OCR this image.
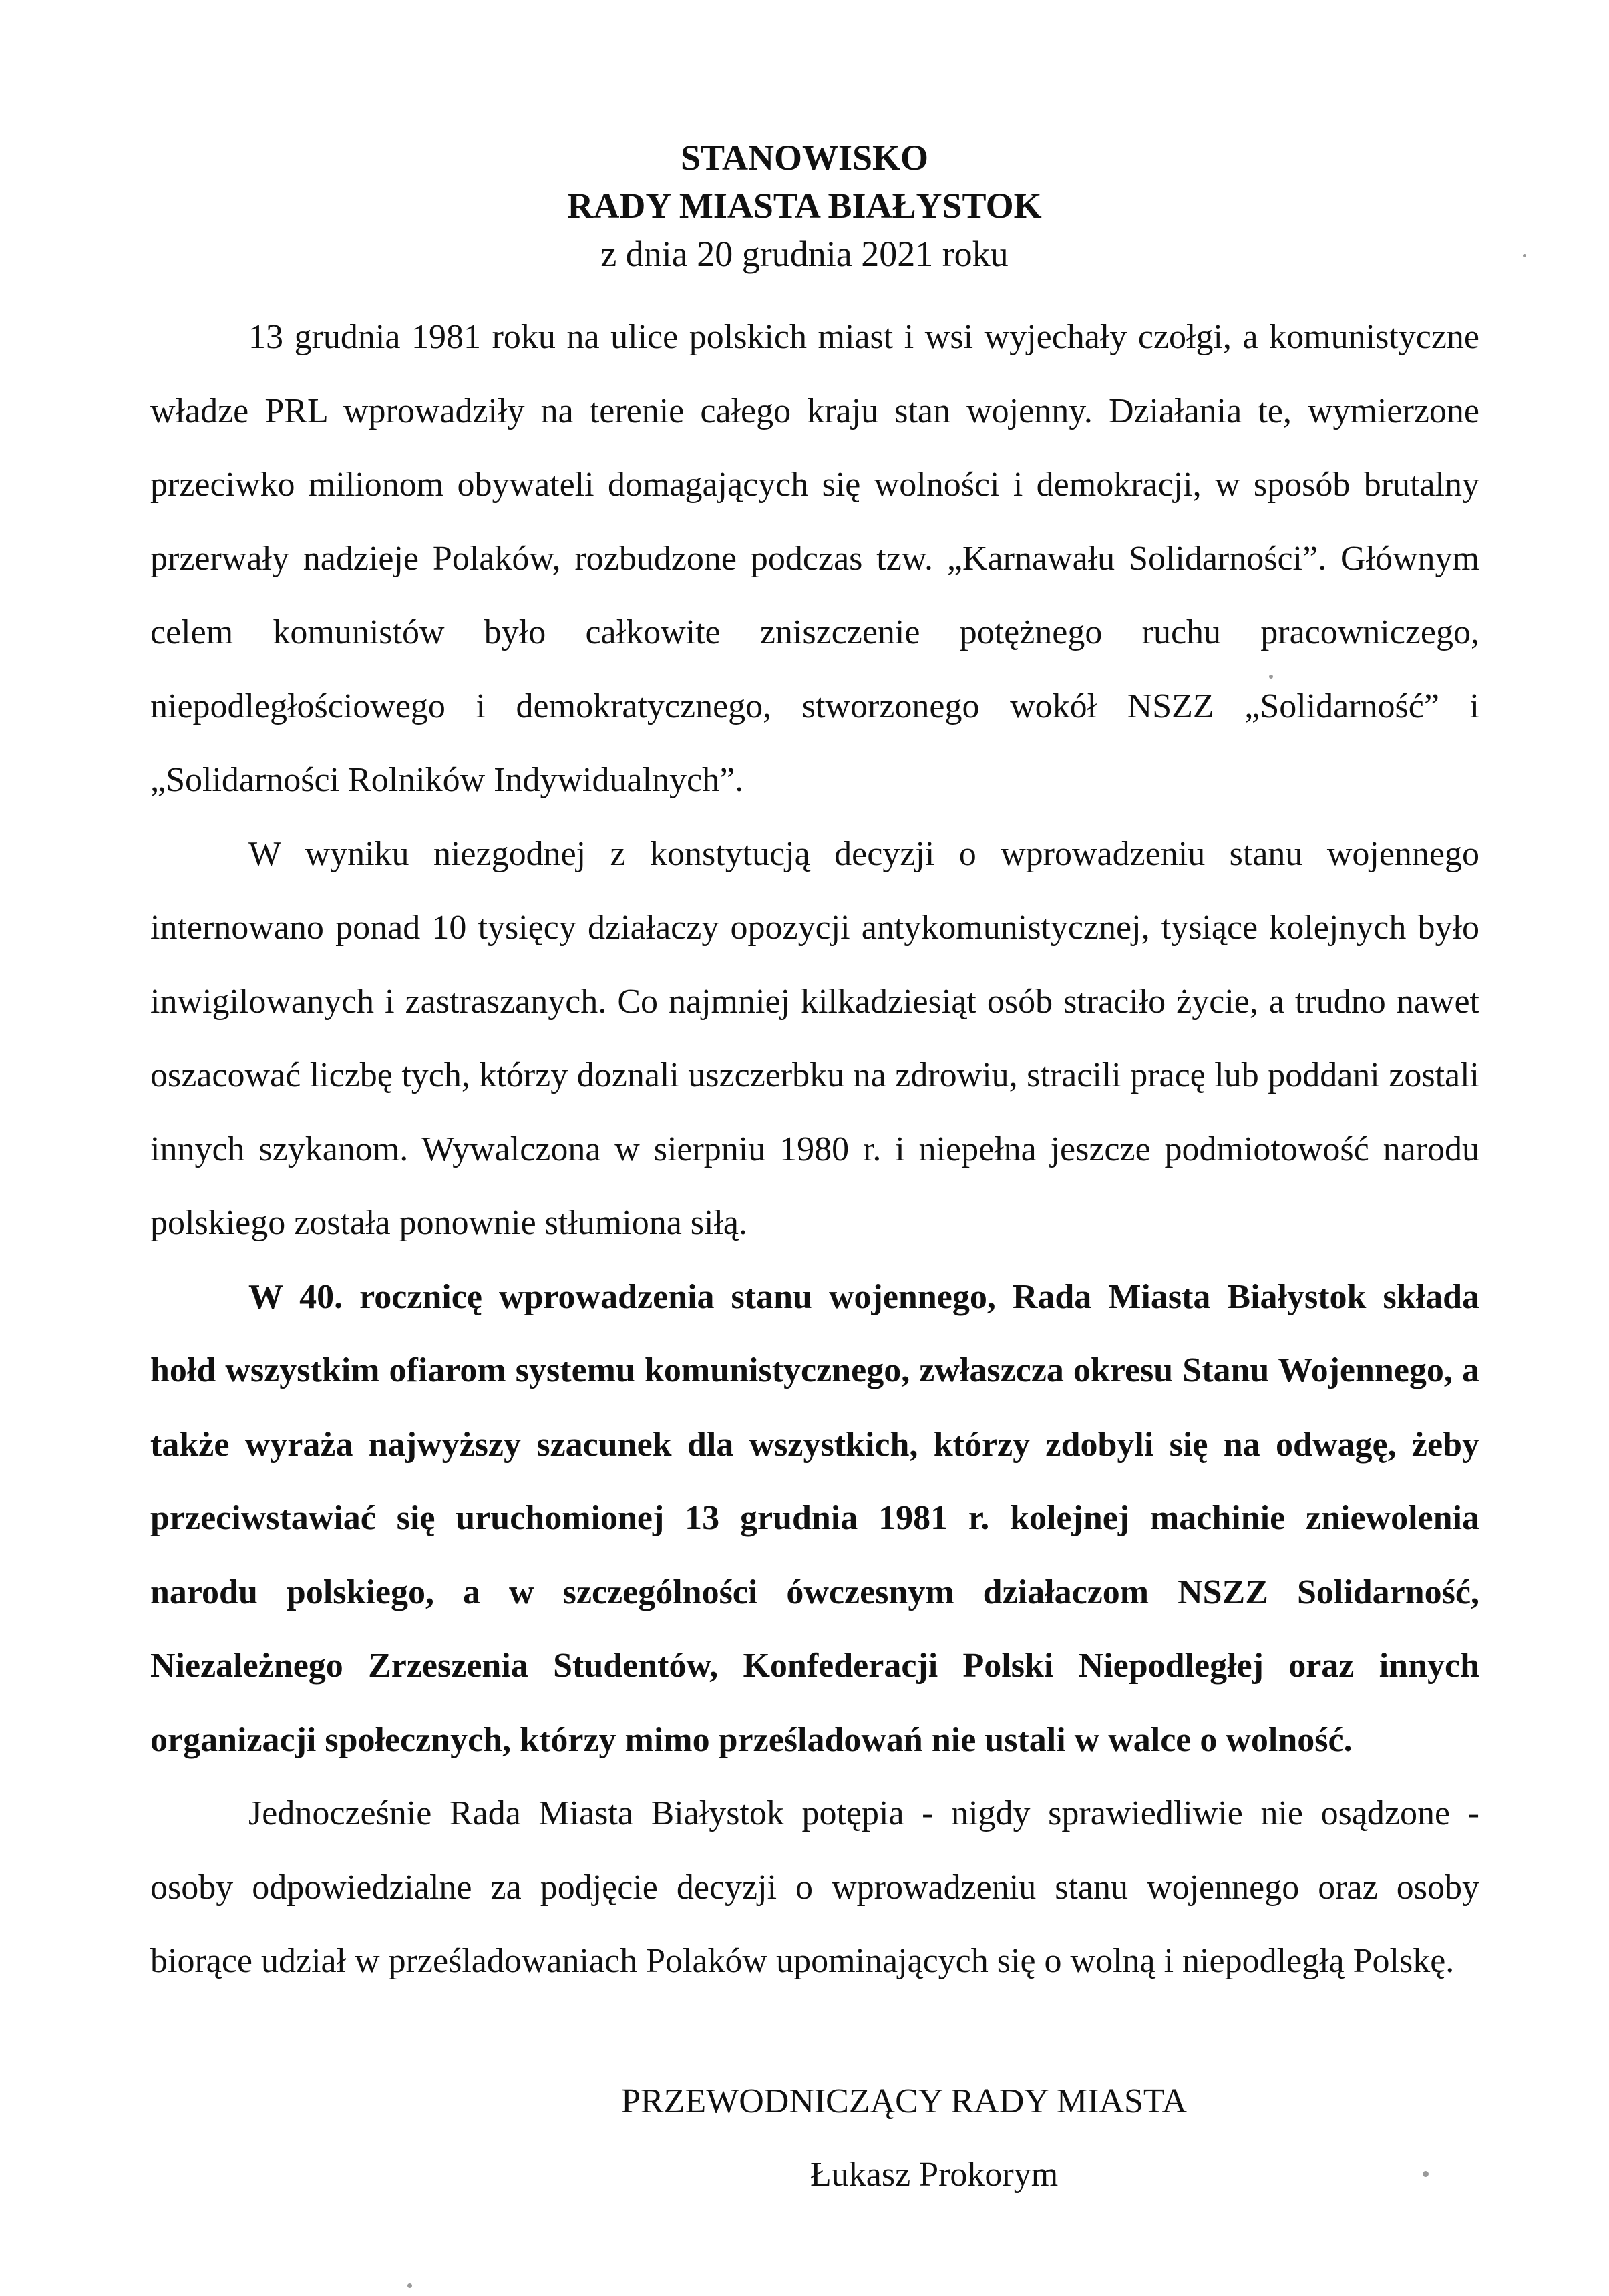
STANOWISKO
RADY MIASTA BIAŁYSTOK
z dnia 20 grudnia 2021 roku

13 grudnia 1981 roku na ulice polskich miast i wsi wyjechały czołgi, a komunistyczne władze PRL wprowadziły na terenie całego kraju stan wojenny. Działania te, wymierzone przeciwko milionom obywateli domagających się wolności i demokracji, w sposób brutalny przerwały nadzieje Polaków, rozbudzone podczas tzw. „Karnawału Solidarności”. Głównym celem komunistów było całkowite zniszczenie potężnego ruchu pracowniczego, niepodległościowego i demokratycznego, stworzonego wokół NSZZ „Solidarność” i „Solidarności Rolników Indywidualnych”.

W wyniku niezgodnej z konstytucją decyzji o wprowadzeniu stanu wojennego internowano ponad 10 tysięcy działaczy opozycji antykomunistycznej, tysiące kolejnych było inwigilowanych i zastraszanych. Co najmniej kilkadziesiąt osób straciło życie, a trudno nawet oszacować liczbę tych, którzy doznali uszczerbku na zdrowiu, stracili pracę lub poddani zostali innych szykanom. Wywalczona w sierpniu 1980 r. i niepełna jeszcze podmiotowość narodu polskiego została ponownie stłumiona siłą.

W 40. rocznicę wprowadzenia stanu wojennego, Rada Miasta Białystok składa hołd wszystkim ofiarom systemu komunistycznego, zwłaszcza okresu Stanu Wojennego, a także wyraża najwyższy szacunek dla wszystkich, którzy zdobyli się na odwagę, żeby przeciwstawiać się uruchomionej 13 grudnia 1981 r. kolejnej machinie zniewolenia narodu polskiego, a w szczególności ówczesnym działaczom NSZZ Solidarność, Niezależnego Zrzeszenia Studentów, Konfederacji Polski Niepodległej oraz innych organizacji społecznych, którzy mimo prześladowań nie ustali w walce o wolność.

Jednocześnie Rada Miasta Białystok potępia - nigdy sprawiedliwie nie osądzone - osoby odpowiedzialne za podjęcie decyzji o wprowadzeniu stanu wojennego oraz osoby biorące udział w prześladowaniach Polaków upominających się o wolną i niepodległą Polskę.

PRZEWODNICZĄCY RADY MIASTA
Łukasz Prokorym
